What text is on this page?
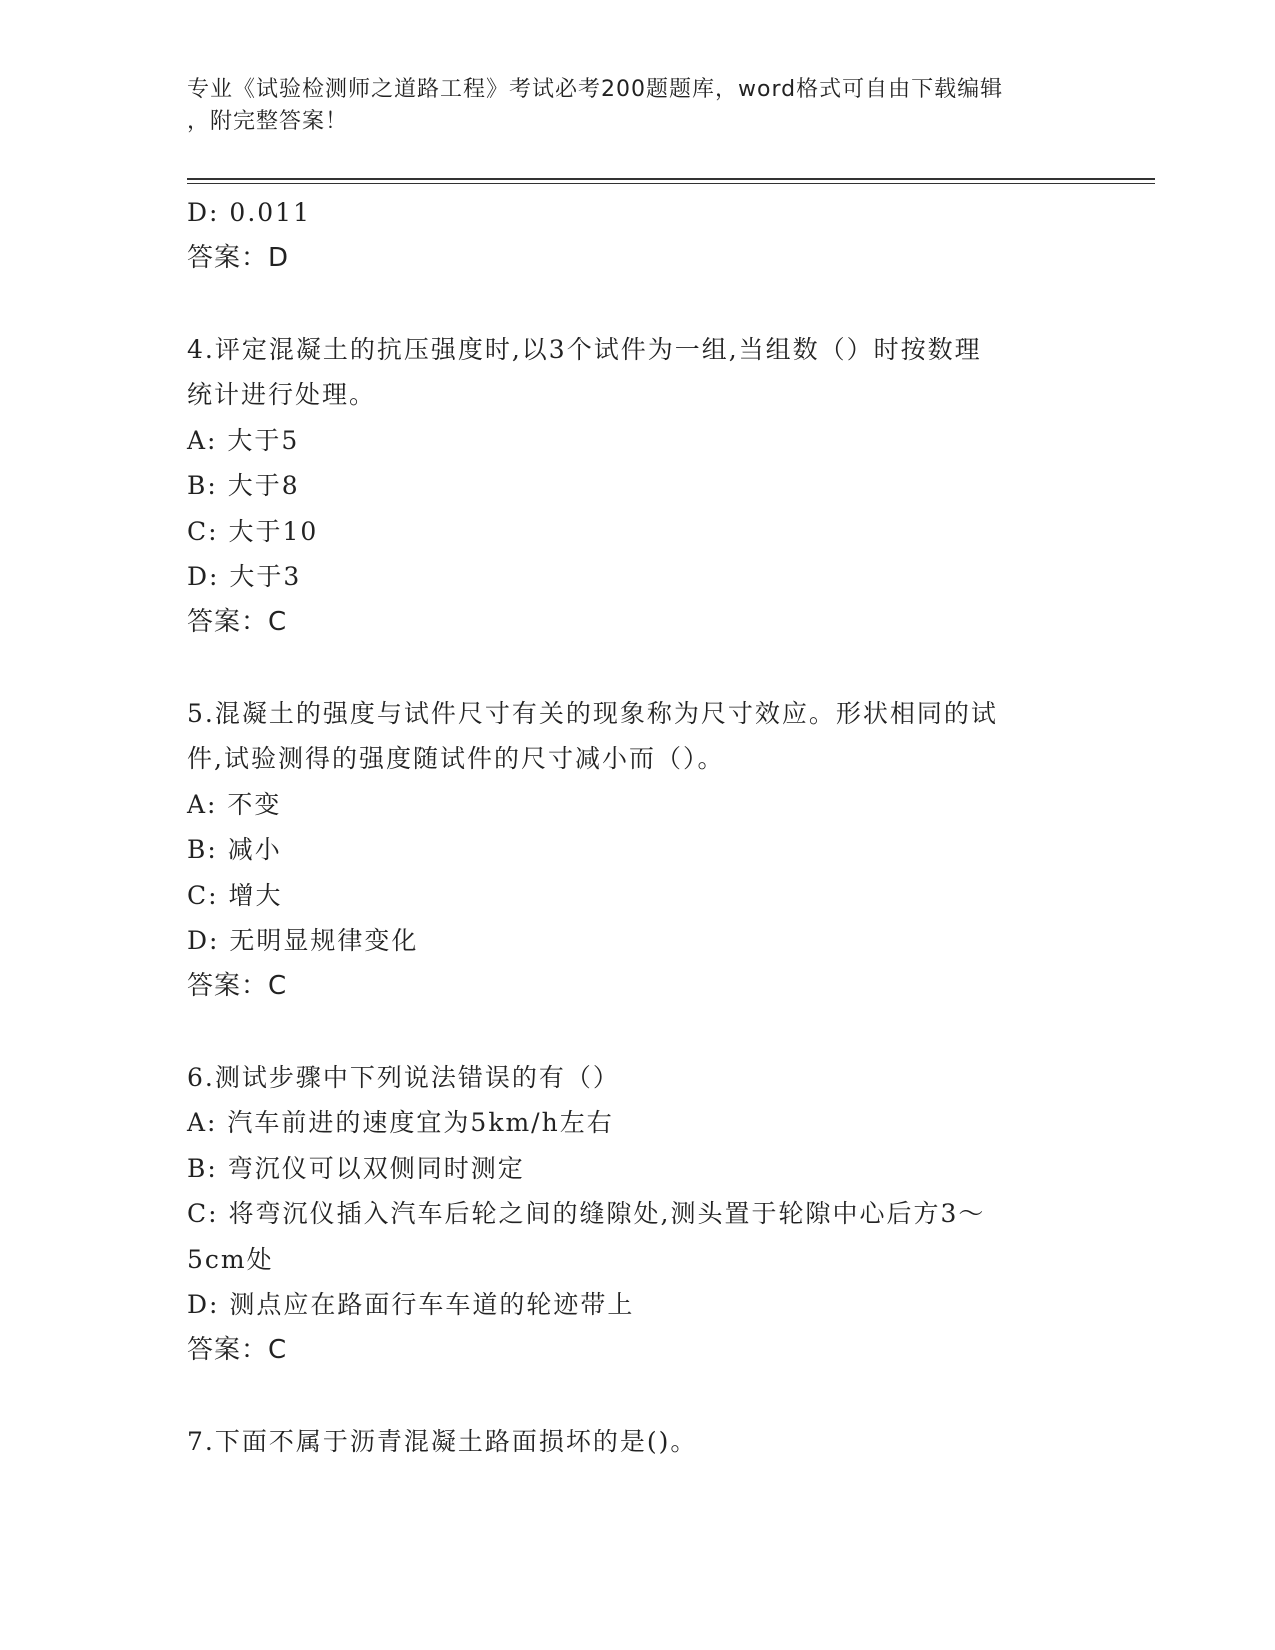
专业《试验检测师之道路工程》考试必考200题题库，word格式可自由下载编辑
，附完整答案！
D: 0.011
答案：D
4.评定混凝土的抗压强度时,以3个试件为一组,当组数（）时按数理
统计进行处理。
A: 大于5
B: 大于8
C: 大于10
D: 大于3
答案：C
5.混凝土的强度与试件尺寸有关的现象称为尺寸效应。形状相同的试
件,试验测得的强度随试件的尺寸减小而（）。
A: 不变
B: 减小
C: 增大
D: 无明显规律变化
答案：C
6.测试步骤中下列说法错误的有（）
A: 汽车前进的速度宜为5km/h左右
B: 弯沉仪可以双侧同时测定
C: 将弯沉仪插入汽车后轮之间的缝隙处,测头置于轮隙中心后方3～
5cm处
D: 测点应在路面行车车道的轮迹带上
答案：C
7.下面不属于沥青混凝土路面损坏的是()。
